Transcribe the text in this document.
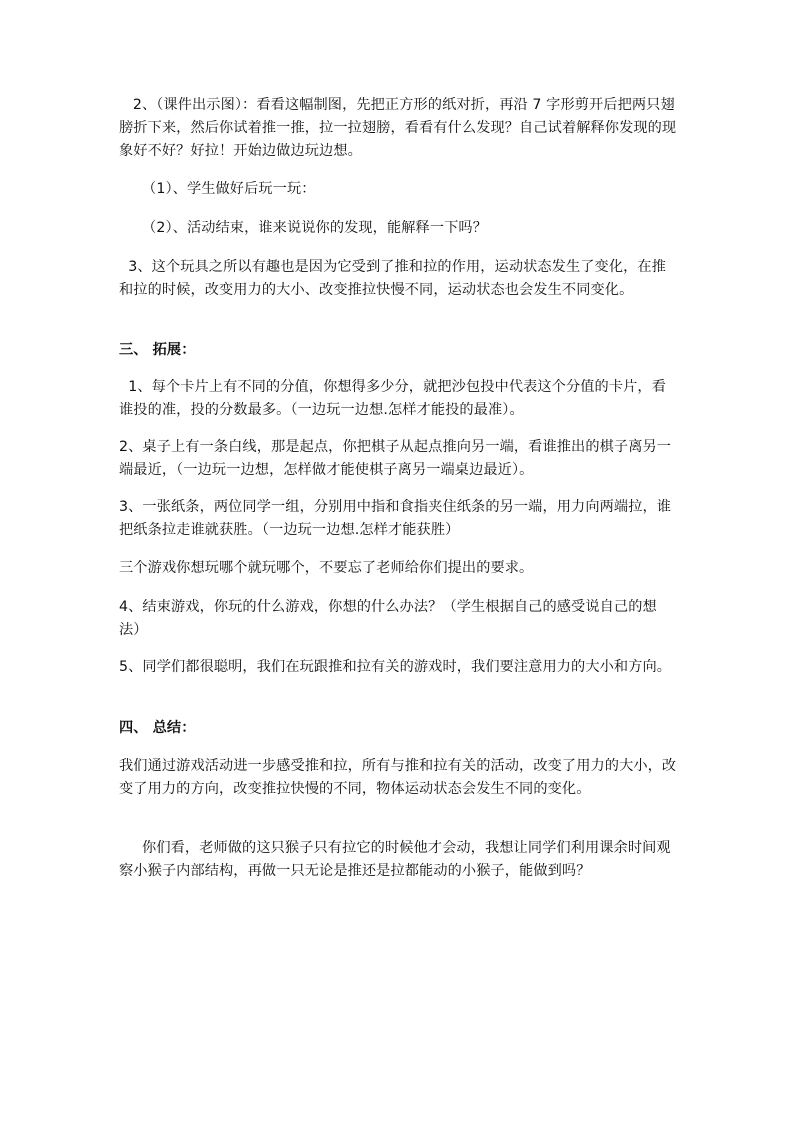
2、（课件出示图）：看看这幅制图，先把正方形的纸对折，再沿 7 字形剪开后把两只翅膀折下来，然后你试着推一推，拉一拉翅膀，看看有什么发现？自己试着解释你发现的现象好不好？好拉！开始边做边玩边想。

（1）、学生做好后玩一玩：

（2）、活动结束，谁来说说你的发现，能解释一下吗？

3、这个玩具之所以有趣也是因为它受到了推和拉的作用，运动状态发生了变化，在推和拉的时候，改变用力的大小、改变推拉快慢不同，运动状态也会发生不同变化。

三、 拓展：

1、每个卡片上有不同的分值，你想得多少分，就把沙包投中代表这个分值的卡片，看谁投的准，投的分数最多。（一边玩一边想.怎样才能投的最准）。

2、桌子上有一条白线，那是起点，你把棋子从起点推向另一端，看谁推出的棋子离另一端最近，（一边玩一边想，怎样做才能使棋子离另一端桌边最近）。

3、一张纸条，两位同学一组，分别用中指和食指夹住纸条的另一端，用力向两端拉，谁把纸条拉走谁就获胜。（一边玩一边想.怎样才能获胜）

三个游戏你想玩哪个就玩哪个，不要忘了老师给你们提出的要求。

4、结束游戏，你玩的什么游戏，你想的什么办法？（学生根据自己的感受说自己的想法）

5、同学们都很聪明，我们在玩跟推和拉有关的游戏时，我们要注意用力的大小和方向。

四、 总结：

我们通过游戏活动进一步感受推和拉，所有与推和拉有关的活动，改变了用力的大小，改变了用力的方向，改变推拉快慢的不同，物体运动状态会发生不同的变化。

你们看，老师做的这只猴子只有拉它的时候他才会动，我想让同学们利用课余时间观察小猴子内部结构，再做一只无论是推还是拉都能动的小猴子，能做到吗？
